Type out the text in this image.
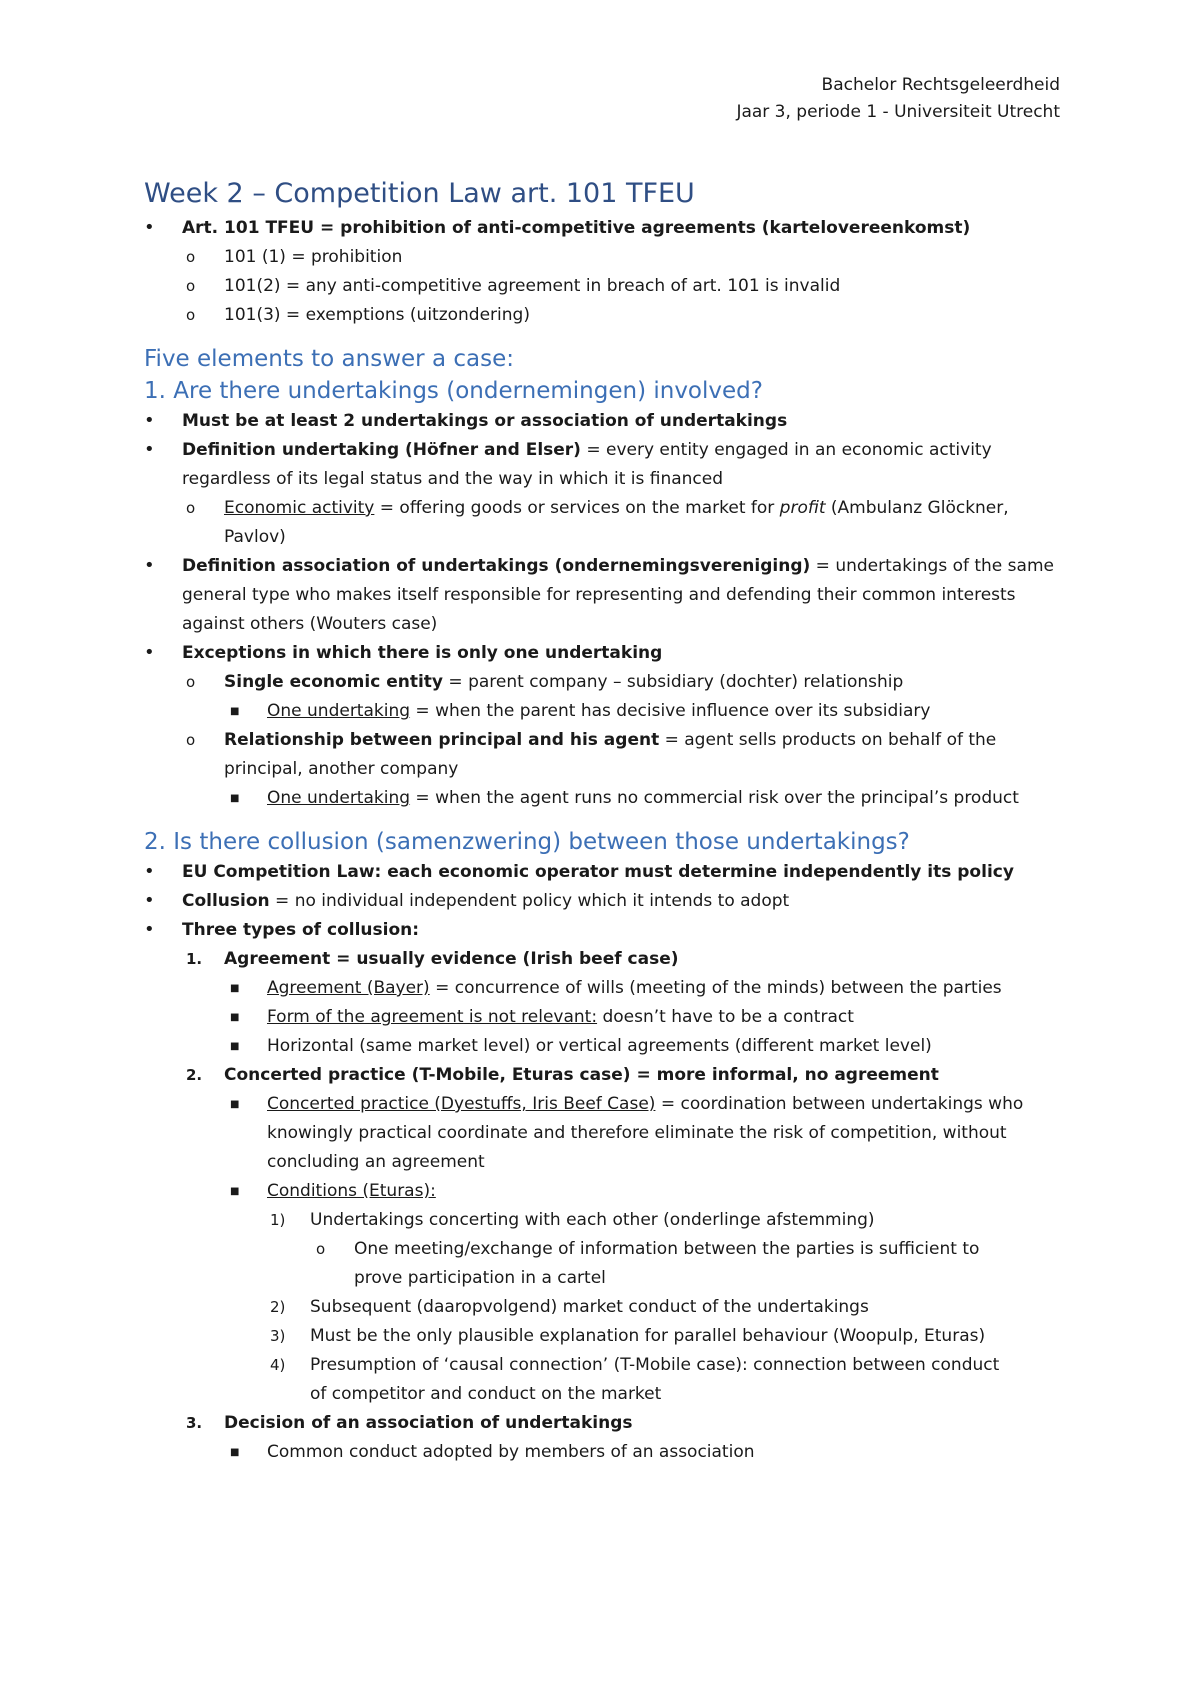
Bachelor Rechtsgeleerdheid
Jaar 3, periode 1 - Universiteit Utrecht
Week 2 – Competition Law art. 101 TFEU
• Art. 101 TFEU = prohibition of anti-competitive agreements (kartelovereenkomst)
o 101 (1) = prohibition
o 101(2) = any anti-competitive agreement in breach of art. 101 is invalid
o 101(3) = exemptions (uitzondering)
Five elements to answer a case:
1. Are there undertakings (ondernemingen) involved?
• Must be at least 2 undertakings or association of undertakings
• Definition undertaking (Höfner and Elser) = every entity engaged in an economic activity
regardless of its legal status and the way in which it is financed
o Economic activity = offering goods or services on the market for profit (Ambulanz Glöckner,
Pavlov)
• Definition association of undertakings (ondernemingsvereniging) = undertakings of the same
general type who makes itself responsible for representing and defending their common interests
against others (Wouters case)
• Exceptions in which there is only one undertaking
o Single economic entity = parent company – subsidiary (dochter) relationship
■ One undertaking = when the parent has decisive influence over its subsidiary
o Relationship between principal and his agent = agent sells products on behalf of the
principal, another company
■ One undertaking = when the agent runs no commercial risk over the principal’s product
2. Is there collusion (samenzwering) between those undertakings?
• EU Competition Law: each economic operator must determine independently its policy
• Collusion = no individual independent policy which it intends to adopt
• Three types of collusion:
1. Agreement = usually evidence (Irish beef case)
■ Agreement (Bayer) = concurrence of wills (meeting of the minds) between the parties
■ Form of the agreement is not relevant: doesn’t have to be a contract
■ Horizontal (same market level) or vertical agreements (different market level)
2. Concerted practice (T-Mobile, Eturas case) = more informal, no agreement
■ Concerted practice (Dyestuffs, Iris Beef Case) = coordination between undertakings who
knowingly practical coordinate and therefore eliminate the risk of competition, without
concluding an agreement
■ Conditions (Eturas):
1) Undertakings concerting with each other (onderlinge afstemming)
o One meeting/exchange of information between the parties is sufficient to
prove participation in a cartel
2) Subsequent (daaropvolgend) market conduct of the undertakings
3) Must be the only plausible explanation for parallel behaviour (Woopulp, Eturas)
4) Presumption of ‘causal connection’ (T-Mobile case): connection between conduct
of competitor and conduct on the market
3. Decision of an association of undertakings
■ Common conduct adopted by members of an association
